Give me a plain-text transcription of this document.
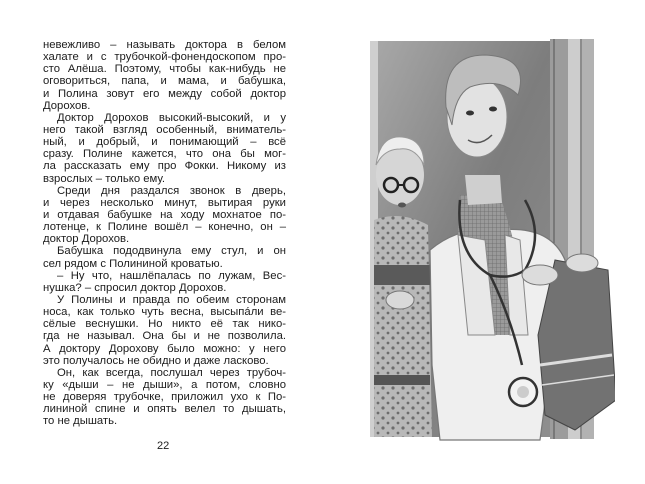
невежливо – называть доктора в белом
халате и с трубочкой-фонендоскопом про-
сто Алёша. Поэтому, чтобы как-нибудь не
оговориться, папа, и мама, и бабушка,
и Полина зовут его между собой доктор
Дорохов.
Доктор Дорохов высокий-высокий, и у
него такой взгляд особенный, вниматель-
ный, и добрый, и понимающий – всё
сразу. Полине кажется, что она бы мог-
ла рассказать ему про Фокки. Никому из
взрослых – только ему.
Среди дня раздался звонок в дверь,
и через несколько минут, вытирая руки
и отдавая бабушке на ходу мохнатое по-
лотенце, к Полине вошёл – конечно, он –
доктор Дорохов.
Бабушка пододвинула ему стул, и он
сел рядом с Полининой кроватью.
– Ну что, нашлёпалась по лужам, Вес-
нушка? – спросил доктор Дорохов.
У Полины и правда по обеим сторонам
носа, как только чуть весна, высыпáли ве-
сёлые веснушки. Но никто её так нико-
гда не называл. Она бы и не позволила.
А доктору Дорохову было можно: у него
это получалось не обидно и даже ласково.
Он, как всегда, послушал через трубоч-
ку «дыши – не дыши», а потом, словно
не доверяя трубочке, приложил ухо к По-
лининой спине и опять велел то дышать,
то не дышать.
22
